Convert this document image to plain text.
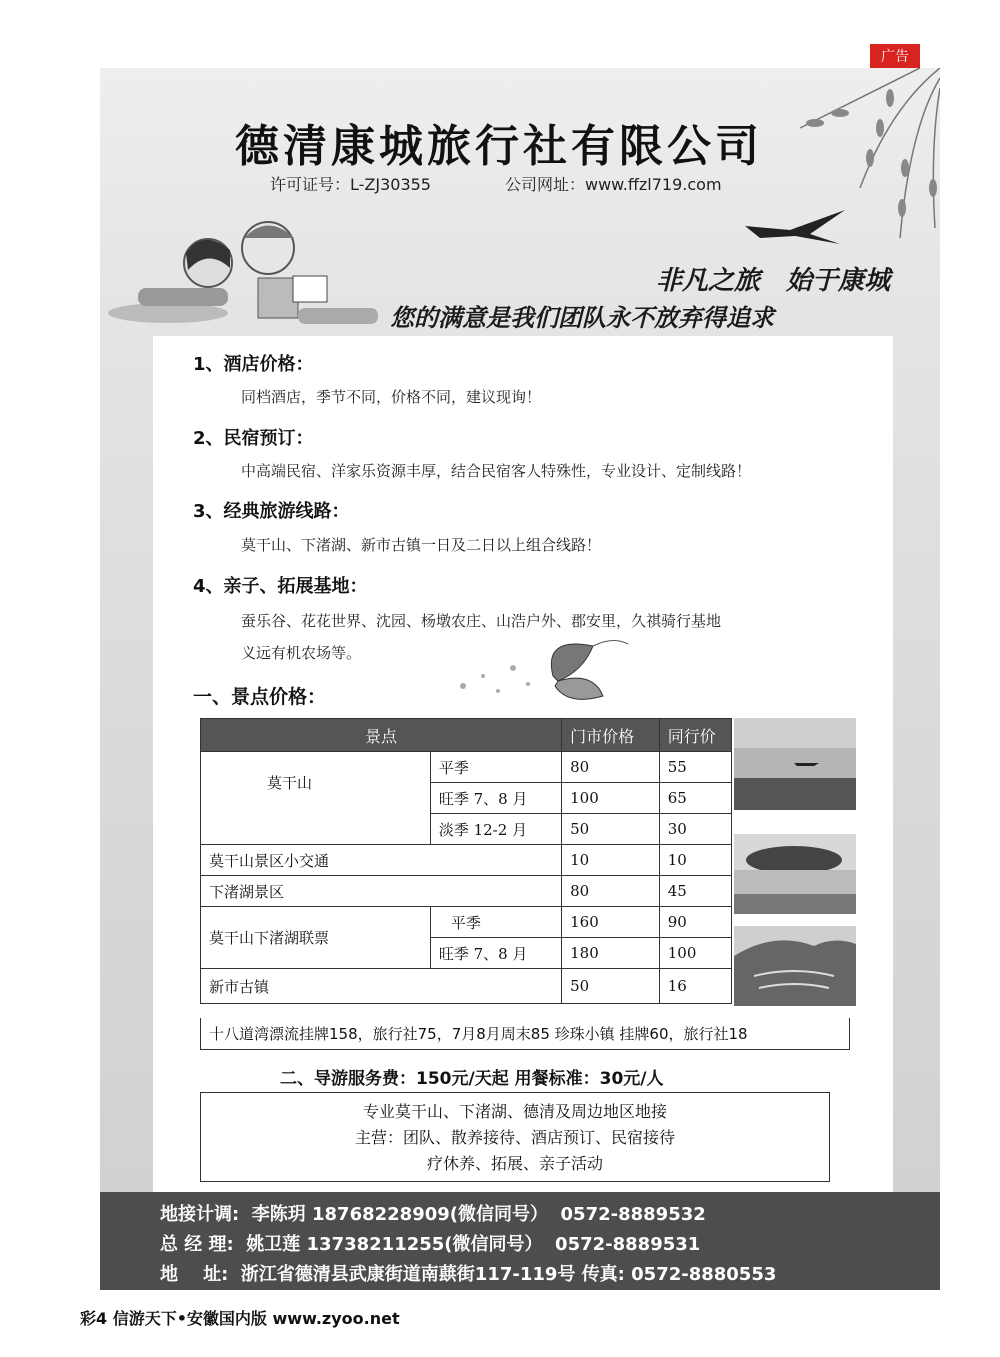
广告
德清康城旅行社有限公司
许可证号：L-ZJ30355	公司网址：www.ffzl719.com
非凡之旅　始于康城
您的满意是我们团队永不放弃得追求
1、酒店价格：
同档酒店，季节不同，价格不同，建议现询！
2、民宿预订：
中高端民宿、洋家乐资源丰厚，结合民宿客人特殊性，专业设计、定制线路！
3、经典旅游线路：
莫干山、下渚湖、新市古镇一日及二日以上组合线路！
4、亲子、拓展基地：
蚕乐谷、花花世界、沈园、杨墩农庄、山浩户外、郡安里，久祺骑行基地
义远有机农场等。
一、景点价格：
景点		门市价格	同行价
莫干山	平季	80	55
	旺季 7、8 月	100	65
	淡季 12-2 月	50	30
莫干山景区小交通		10	10
下渚湖景区		80	45
莫干山下渚湖联票	平季	160	90
	旺季 7、8 月	180	100
新市古镇		50	16
十八道湾漂流挂牌158，旅行社75，7月8月周末85 珍珠小镇 挂牌60，旅行社18
二、导游服务费：150元/天起 用餐标准：30元/人
专业莫干山、下渚湖、德清及周边地区地接
主营：团队、散养接待、酒店预订、民宿接待
疗休养、拓展、亲子活动
地接计调:  李陈玥 18768228909(微信同号）  0572-8889532
总 经 理:  姚卫莲 13738211255(微信同号）  0572-8889531
地    址:  浙江省德清县武康街道南蕻街117-119号 传真: 0572-8880553
彩4 信游天下•安徽国内版 www.zyoo.net
